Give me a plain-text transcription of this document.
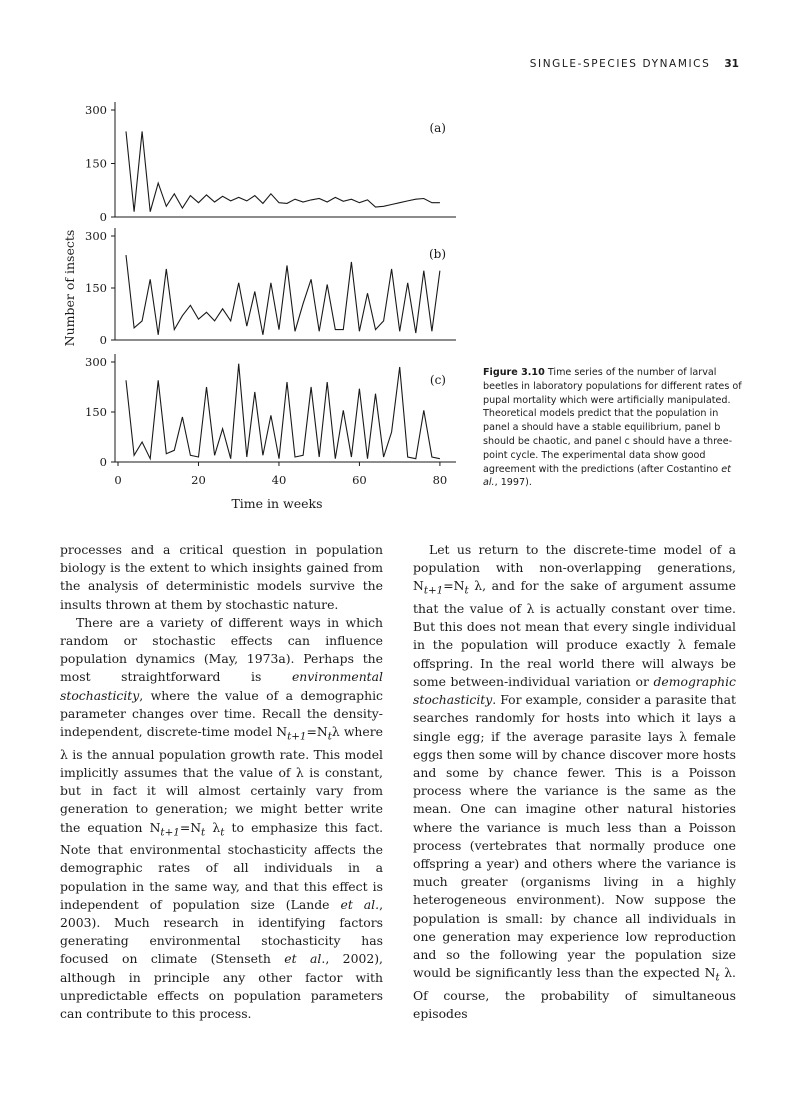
SINGLE-SPECIES DYNAMICS 31
0
150
300
(a)
0
150
300
(b)
0
150
300
(c)
0	20	40	60	80
Time in weeks
Number of insects
Figure 3.10 Time series of the number of larval beetles in laboratory populations for different rates of pupal mortality which were artificially manipulated. Theoretical models predict that the population in panel a should have a stable equilibrium, panel b should be chaotic, and panel c should have a three-point cycle. The experimental data show good agreement with the predictions (after Costantino et al., 1997).

processes and a critical question in population biology is the extent to which insights gained from the analysis of deterministic models survive the insults thrown at them by stochastic nature.

There are a variety of different ways in which random or stochastic effects can influence population dynamics (May, 1973a). Perhaps the most straightforward is environmental stochasticity, where the value of a demographic parameter changes over time. Recall the density-independent, discrete-time model $N_{t+1}=N_t\lambda$ where λ is the annual population growth rate. This model implicitly assumes that the value of λ is constant, but in fact it will almost certainly vary from generation to generation; we might better write the equation $N_{t+1}=N_t$ $\lambda_t$ to emphasize this fact. Note that environmental stochasticity affects the demographic rates of all individuals in a population in the same way, and that this effect is independent of population size (Lande et al., 2003). Much research in identifying factors generating environmental stochasticity has focused on climate (Stenseth et al., 2002), although in principle any other factor with unpredictable effects on population parameters can contribute to this process.

Let us return to the discrete-time model of a population with non-overlapping generations, $N_{t+1}=N_t$ λ, and for the sake of argument assume that the value of λ is actually constant over time. But this does not mean that every single individual in the population will produce exactly λ female offspring. In the real world there will always be some between-individual variation or demographic stochasticity. For example, consider a parasite that searches randomly for hosts into which it lays a single egg; if the average parasite lays λ female eggs then some will by chance discover more hosts and some by chance fewer. This is a Poisson process where the variance is the same as the mean. One can imagine other natural histories where the variance is much less than a Poisson process (vertebrates that normally produce one offspring a year) and others where the variance is much greater (organisms living in a highly heterogeneous environment). Now suppose the population is small: by chance all individuals in one generation may experience low reproduction and so the following year the population size would be significantly less than the expected $N_t$ λ. Of course, the probability of simultaneous episodes
